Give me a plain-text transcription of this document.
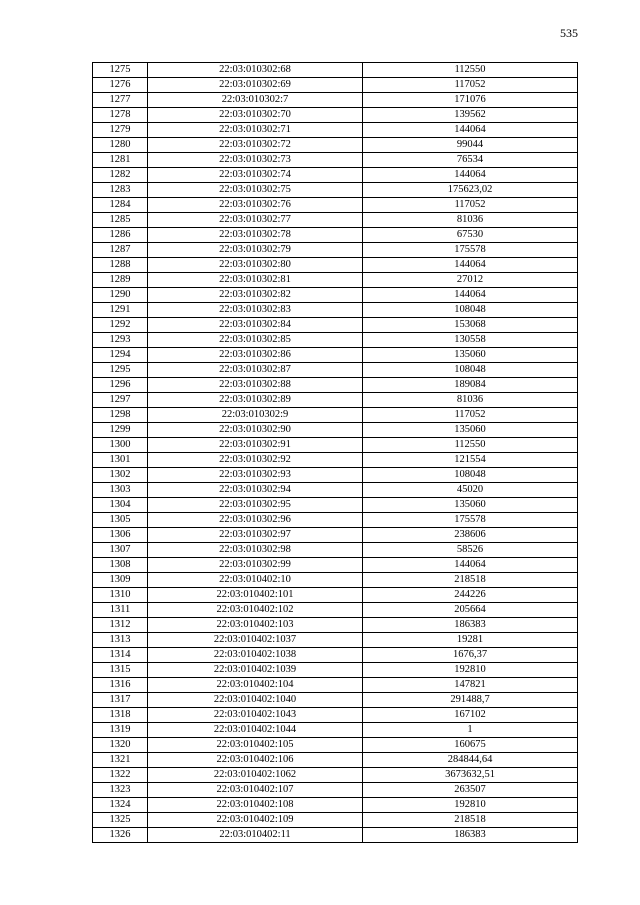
535
1275	22:03:010302:68	112550
1276	22:03:010302:69	117052
1277	22:03:010302:7	171076
1278	22:03:010302:70	139562
1279	22:03:010302:71	144064
1280	22:03:010302:72	99044
1281	22:03:010302:73	76534
1282	22:03:010302:74	144064
1283	22:03:010302:75	175623,02
1284	22:03:010302:76	117052
1285	22:03:010302:77	81036
1286	22:03:010302:78	67530
1287	22:03:010302:79	175578
1288	22:03:010302:80	144064
1289	22:03:010302:81	27012
1290	22:03:010302:82	144064
1291	22:03:010302:83	108048
1292	22:03:010302:84	153068
1293	22:03:010302:85	130558
1294	22:03:010302:86	135060
1295	22:03:010302:87	108048
1296	22:03:010302:88	189084
1297	22:03:010302:89	81036
1298	22:03:010302:9	117052
1299	22:03:010302:90	135060
1300	22:03:010302:91	112550
1301	22:03:010302:92	121554
1302	22:03:010302:93	108048
1303	22:03:010302:94	45020
1304	22:03:010302:95	135060
1305	22:03:010302:96	175578
1306	22:03:010302:97	238606
1307	22:03:010302:98	58526
1308	22:03:010302:99	144064
1309	22:03:010402:10	218518
1310	22:03:010402:101	244226
1311	22:03:010402:102	205664
1312	22:03:010402:103	186383
1313	22:03:010402:1037	19281
1314	22:03:010402:1038	1676,37
1315	22:03:010402:1039	192810
1316	22:03:010402:104	147821
1317	22:03:010402:1040	291488,7
1318	22:03:010402:1043	167102
1319	22:03:010402:1044	1
1320	22:03:010402:105	160675
1321	22:03:010402:106	284844,64
1322	22:03:010402:1062	3673632,51
1323	22:03:010402:107	263507
1324	22:03:010402:108	192810
1325	22:03:010402:109	218518
1326	22:03:010402:11	186383
